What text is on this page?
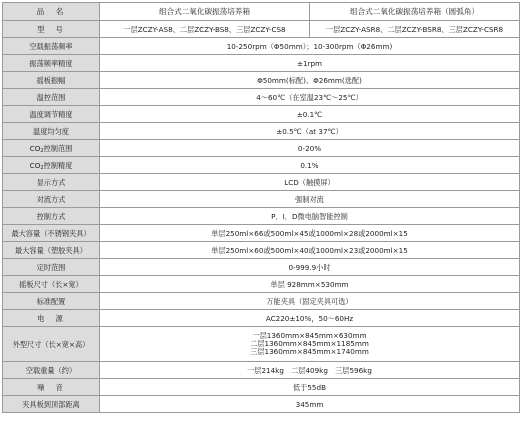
品　名	组合式二氧化碳振荡培养箱	组合式二氧化碳振荡培养箱（圆弧角）
型　号	一层ZCZY-AS8、二层ZCZY-BS8、三层ZCZY-CS8	一层ZCZY-ASR8、二层ZCZY-BSR8、三层ZCZY-CSR8
空载振荡频率	10-250rpm（Φ50mm）；10-300rpm（Φ26mm)	
振荡频率精度	±1rpm	
摇板振幅	Φ50mm(标配)、Φ26mm(选配)	
温控范围	4～60℃（在室温23℃～25℃）	
温度调节精度	±0.1℃	
温度均匀度	±0.5℃（at 37℃）	
$CO_2$控制范围	0-20%	
$CO_2$控制精度	0.1%	
显示方式	LCD（触摸屏）	
对流方式	强制对流	
控制方式	P．I．D微电脑智能控制	
最大容量（不锈钢夹具）	单层250ml×66或500ml×45或1000ml×28或2000ml×15	
最大容量（塑胶夹具）	单层250ml×60或500ml×40或1000ml×23或2000ml×15	
定时范围	0-999.9小时	
摇板尺寸（长×宽）	单层 928mm×530mm	
标准配置	万能夹具（固定夹具可选）	
电　源	AC220±10%，50～60Hz	
外型尺寸（长×宽×高）	一层1360mm×845mm×630mm
二层1360mm×845mm×1185mm
三层1360mm×845mm×1740mm	

空载重量（约）	一层214kg　二层409kg　三层596kg	
噪　音	低于55dB	
夹具板到顶部距离	345mm	
